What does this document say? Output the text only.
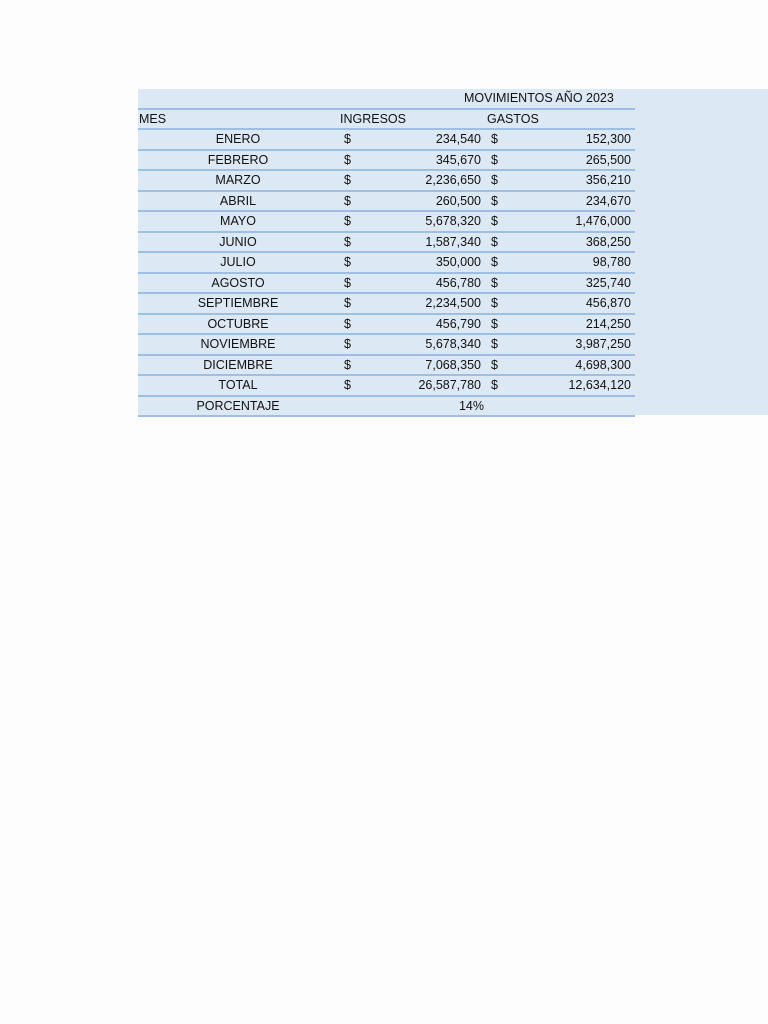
MOVIMIENTOS AÑO 2023
MES	INGRESOS	GASTOS
ENERO	$	234,540 $	152,300
FEBRERO	$	345,670 $	265,500
MARZO	$	2,236,650 $	356,210
ABRIL	$	260,500 $	234,670
MAYO	$	5,678,320 $	1,476,000
JUNIO	$	1,587,340 $	368,250
JULIO	$	350,000 $	98,780
AGOSTO	$	456,780 $	325,740
SEPTIEMBRE	$	2,234,500 $	456,870
OCTUBRE	$	456,790 $	214,250
NOVIEMBRE	$	5,678,340 $	3,987,250
DICIEMBRE	$	7,068,350 $	4,698,300
TOTAL	$	26,587,780 $	12,634,120
PORCENTAJE	14%
